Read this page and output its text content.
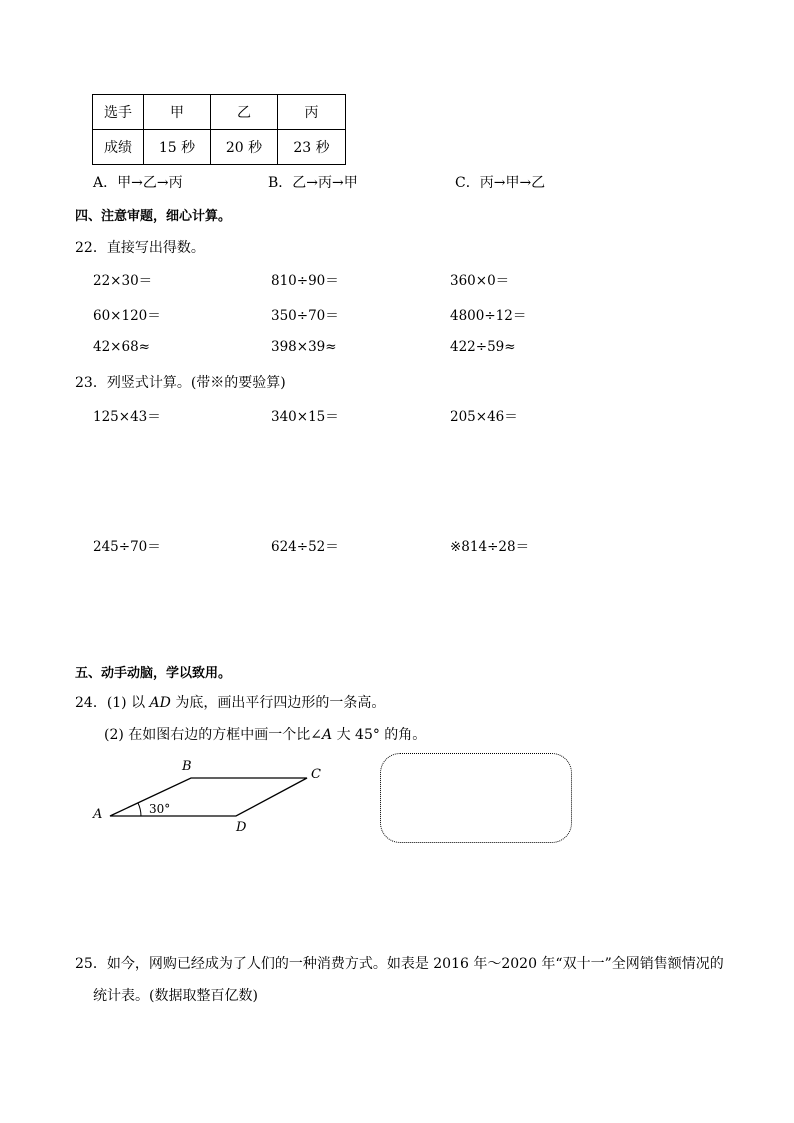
选手	甲	乙	丙
成绩	15 秒	20 秒	23 秒
A．甲→乙→丙	B．乙→丙→甲	C．丙→甲→乙
四、注意审题，细心计算。
22．直接写出得数。
22×30＝	810÷90＝	360×0＝
60×120＝	350÷70＝	4800÷12＝
42×68≈	398×39≈	422÷59≈
23．列竖式计算。(带※的要验算)
125×43＝	340×15＝	205×46＝
245÷70＝	624÷52＝	※814÷28＝
五、动手动脑，学以致用。
24．(1) 以 AD 为底，画出平行四边形的一条高。
(2) 在如图右边的方框中画一个比∠A 大 45° 的角。
30°
A
B
C
D
25．如今，网购已经成为了人们的一种消费方式。如表是 2016 年～2020 年“双十一”全网销售额情况的
统计表。(数据取整百亿数)
